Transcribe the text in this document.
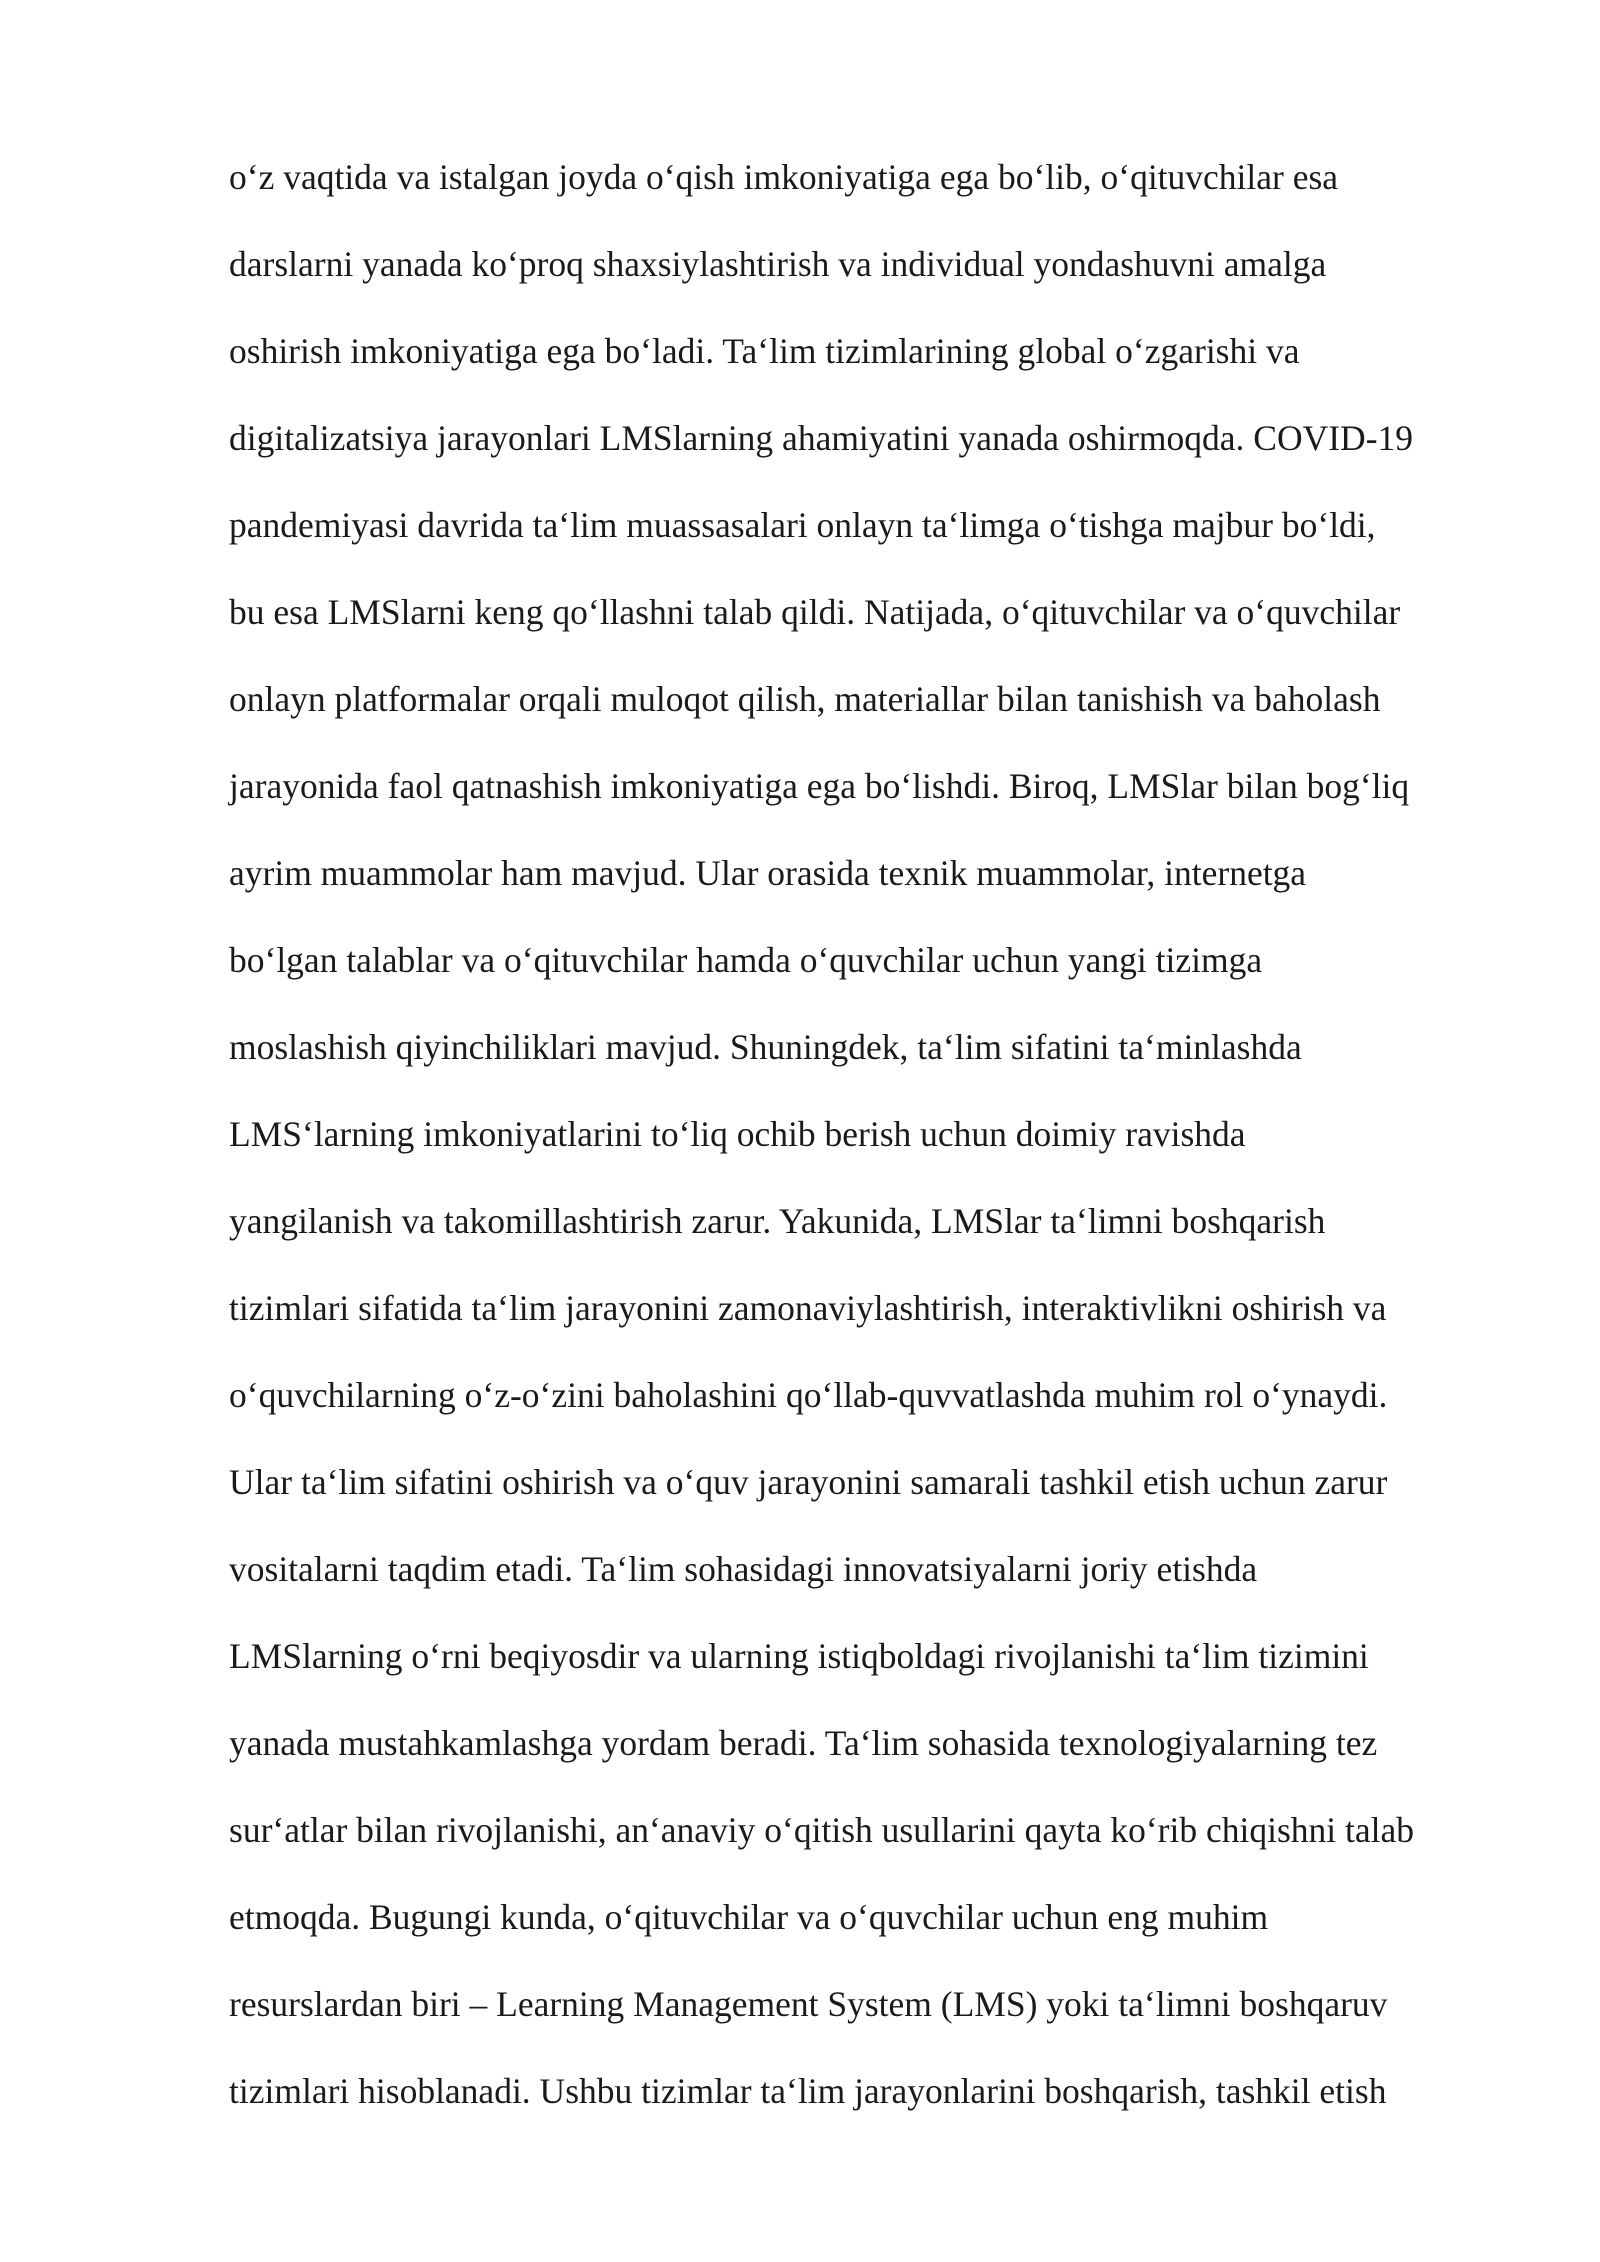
oʻz vaqtida va istalgan joyda oʻqish imkoniyatiga ega boʻlib, oʻqituvchilar esa
darslarni yanada koʻproq shaxsiylashtirish va individual yondashuvni amalga
oshirish imkoniyatiga ega boʻladi. Taʻlim tizimlarining global oʻzgarishi va
digitalizatsiya jarayonlari LMSlarning ahamiyatini yanada oshirmoqda. COVID-19
pandemiyasi davrida taʻlim muassasalari onlayn taʻlimga oʻtishga majbur boʻldi,
bu esa LMSlarni keng qoʻllashni talab qildi. Natijada, oʻqituvchilar va oʻquvchilar
onlayn platformalar orqali muloqot qilish, materiallar bilan tanishish va baholash
jarayonida faol qatnashish imkoniyatiga ega boʻlishdi. Biroq, LMSlar bilan bogʻliq
ayrim muammolar ham mavjud. Ular orasida texnik muammolar, internetga
boʻlgan talablar va oʻqituvchilar hamda oʻquvchilar uchun yangi tizimga
moslashish qiyinchiliklari mavjud. Shuningdek, taʻlim sifatini taʻminlashda
LMSʻlarning imkoniyatlarini toʻliq ochib berish uchun doimiy ravishda
yangilanish va takomillashtirish zarur. Yakunida, LMSlar taʻlimni boshqarish
tizimlari sifatida taʻlim jarayonini zamonaviylashtirish, interaktivlikni oshirish va
oʻquvchilarning oʻz-oʻzini baholashini qoʻllab-quvvatlashda muhim rol oʻynaydi.
Ular taʻlim sifatini oshirish va oʻquv jarayonini samarali tashkil etish uchun zarur
vositalarni taqdim etadi. Taʻlim sohasidagi innovatsiyalarni joriy etishda
LMSlarning oʻrni beqiyosdir va ularning istiqboldagi rivojlanishi taʻlim tizimini
yanada mustahkamlashga yordam beradi. Taʻlim sohasida texnologiyalarning tez
surʻatlar bilan rivojlanishi, anʻanaviy oʻqitish usullarini qayta koʻrib chiqishni talab
etmoqda. Bugungi kunda, oʻqituvchilar va oʻquvchilar uchun eng muhim
resurslardan biri – Learning Management System (LMS) yoki taʻlimni boshqaruv
tizimlari hisoblanadi. Ushbu tizimlar taʻlim jarayonlarini boshqarish, tashkil etish
